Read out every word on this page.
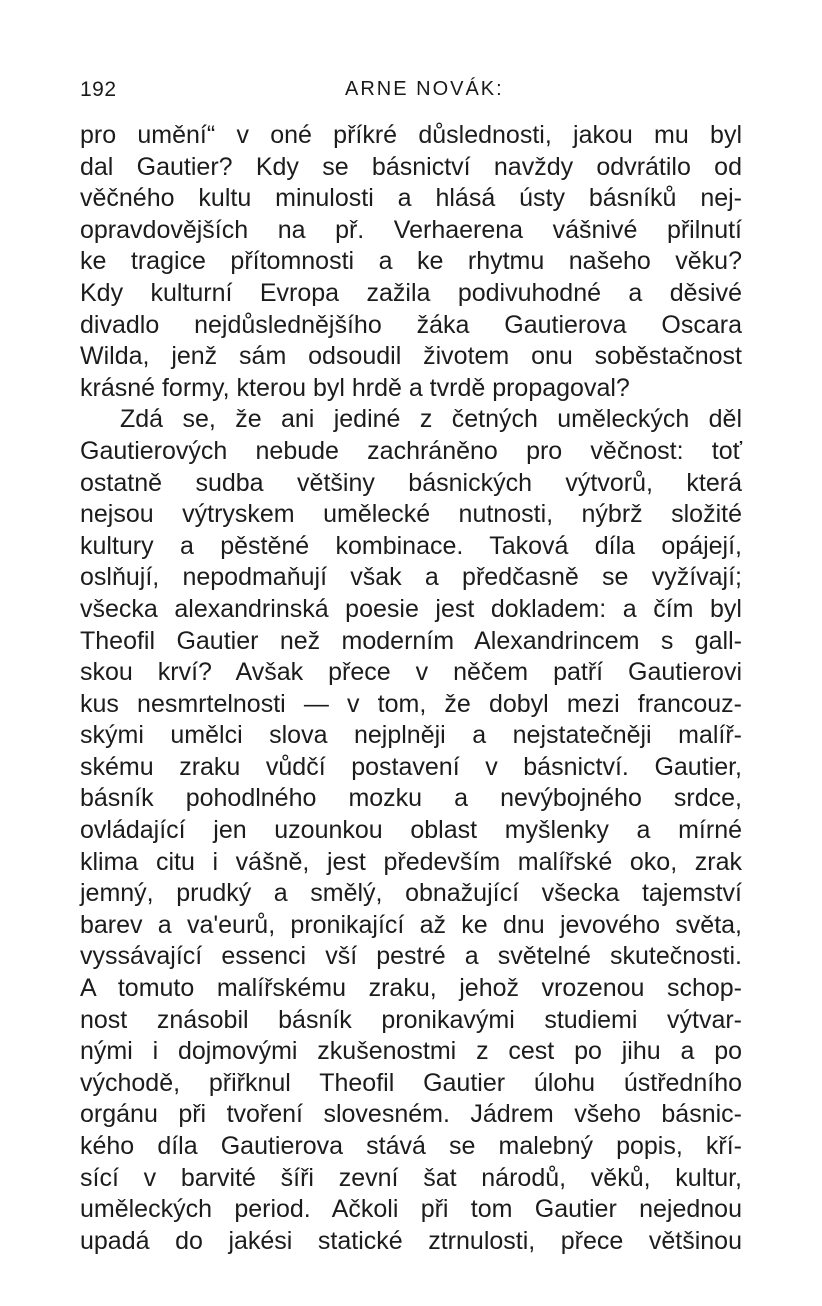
192	ARNE NOVÁK:
pro umění“ v oné příkré důslednosti, jakou mu byl
dal Gautier? Kdy se básnictví navždy odvrátilo od
věčného kultu minulosti a hlásá ústy básníků nej-
opravdovějších na př. Verhaerena vášnivé přilnutí
ke tragice přítomnosti a ke rhytmu našeho věku?
Kdy kulturní Evropa zažila podivuhodné a děsivé
divadlo nejdůslednějšího žáka Gautierova Oscara
Wilda, jenž sám odsoudil životem onu soběstačnost
krásné formy, kterou byl hrdě a tvrdě propagoval?
Zdá se, že ani jediné z četných uměleckých děl
Gautierových nebude zachráněno pro věčnost: toť
ostatně sudba většiny básnických výtvorů, která
nejsou výtryskem umělecké nutnosti, nýbrž složité
kultury a pěstěné kombinace. Taková díla opájejí,
oslňují, nepodmaňují však a předčasně se vyžívají;
všecka alexandrinská poesie jest dokladem: a čím byl
Theofil Gautier než moderním Alexandrincem s gall-
skou krví? Avšak přece v něčem patří Gautierovi
kus nesmrtelnosti — v tom, že dobyl mezi francouz-
skými umělci slova nejplněji a nejstatečněji malíř-
skému zraku vůdčí postavení v básnictví. Gautier,
básník pohodlného mozku a nevýbojného srdce,
ovládající jen uzounkou oblast myšlenky a mírné
klima citu i vášně, jest především malířské oko, zrak
jemný, prudký a smělý, obnažující všecka tajemství
barev a va'eurů, pronikající až ke dnu jevového světa,
vyssávající essenci vší pestré a světelné skutečnosti.
A tomuto malířskému zraku, jehož vrozenou schop-
nost znásobil básník pronikavými studiemi výtvar-
nými i dojmovými zkušenostmi z cest po jihu a po
východě, přiřknul Theofil Gautier úlohu ústředního
orgánu při tvoření slovesném. Jádrem všeho básnic-
kého díla Gautierova stává se malebný popis, kří-
sící v barvité šíři zevní šat národů, věků, kultur,
uměleckých period. Ačkoli při tom Gautier nejednou
upadá do jakési statické ztrnulosti, přece většinou
